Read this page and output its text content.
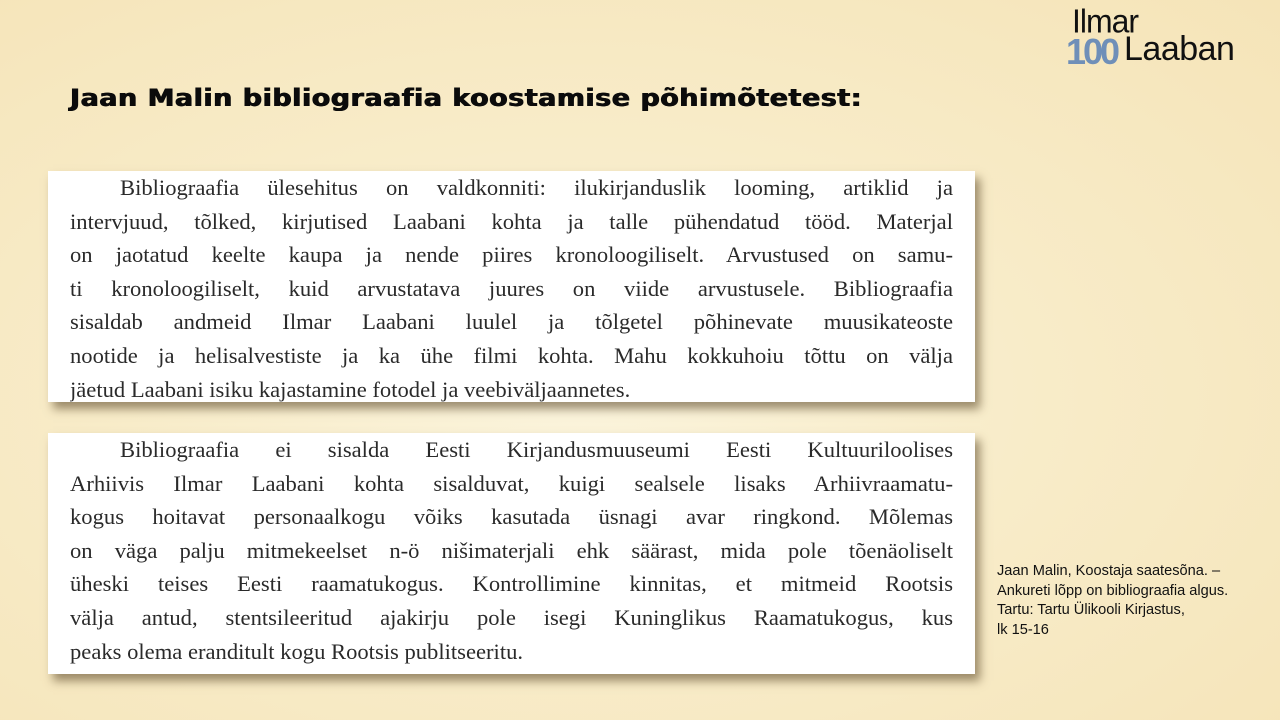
100
Ilmar
Laaban
Jaan Malin bibliograafia koostamise põhimõtetest:
Bibliograafia ülesehitus on valdkonniti: ilukirjanduslik looming, artiklid ja
intervjuud, tõlked, kirjutised Laabani kohta ja talle pühendatud tööd. Materjal
on jaotatud keelte kaupa ja nende piires kronoloogiliselt. Arvustused on samu-
ti kronoloogiliselt, kuid arvustatava juures on viide arvustusele. Bibliograafia
sisaldab andmeid Ilmar Laabani luulel ja tõlgetel põhinevate muusikateoste
nootide ja helisalvestiste ja ka ühe filmi kohta. Mahu kokkuhoiu tõttu on välja
jäetud Laabani isiku kajastamine fotodel ja veebiväljaannetes.
Bibliograafia ei sisalda Eesti Kirjandusmuuseumi Eesti Kultuuriloolises
Arhiivis Ilmar Laabani kohta sisalduvat, kuigi sealsele lisaks Arhiivraamatu-
kogus hoitavat personaalkogu võiks kasutada üsnagi avar ringkond. Mõlemas
on väga palju mitmekeelset n-ö nišimaterjali ehk säärast, mida pole tõenäoliselt
üheski teises Eesti raamatukogus. Kontrollimine kinnitas, et mitmeid Rootsis
välja antud, stentsileeritud ajakirju pole isegi Kuninglikus Raamatukogus, kus
peaks olema eranditult kogu Rootsis publitseeritu.
Jaan Malin, Koostaja saatesõna. –
Ankureti lõpp on bibliograafia algus.
Tartu: Tartu Ülikooli Kirjastus,
lk 15-16
